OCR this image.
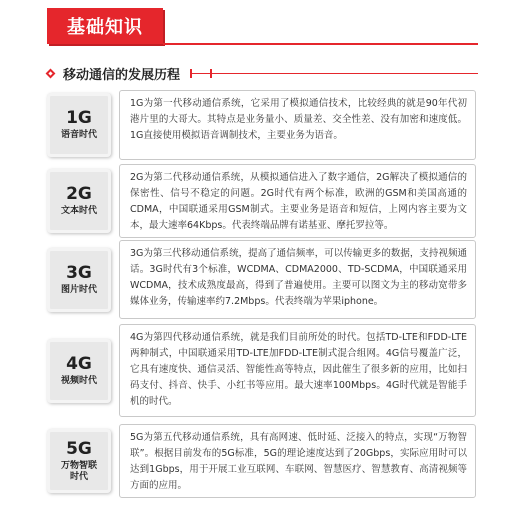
基础知识
移动通信的发展历程
1G为第一代移动通信系统，它采用了模拟通信技术，比较经典的就是90年代初港片里的大哥大。其特点是业务量小、质量差、交全性差、没有加密和速度低。1G直接使用模拟语音调制技术，主要业务为语音。
1G
语音时代
2G为第二代移动通信系统，从模拟通信进入了数字通信，2G解决了模拟通信的保密性、信号不稳定的问题。2G时代有两个标准，欧洲的GSM和美国高通的CDMA，中国联通采用GSM制式。主要业务是语音和短信，上网内容主要为文本，最大速率64Kbps。代表终端品牌有诺基亚、摩托罗拉等。
2G
文本时代
3G为第三代移动通信系统，提高了通信频率，可以传输更多的数据，支持视频通话。3G时代有3个标准，WCDMA、CDMA2000、TD-SCDMA，中国联通采用WCDMA，技术成熟度最高，得到了普遍使用。主要可以图文为主的移动宽带多媒体业务，传输速率约7.2Mbps。代表终端为苹果iphone。
3G
图片时代
4G为第四代移动通信系统，就是我们目前所处的时代。包括TD-LTE和FDD-LTE两种制式，中国联通采用TD-LTE加FDD-LTE制式混合组网。4G信号覆盖广泛，它具有速度快、通信灵活、智能性高等特点，因此催生了很多新的应用，比如扫码支付、抖音、快手、小红书等应用。最大速率100Mbps。4G时代就是智能手机的时代。
4G
视频时代
5G为第五代移动通信系统，具有高网速、低时延、泛接入的特点，实现“万物智联”。根据目前发布的5G标准，5G的理论速度达到了20Gbps，实际应用时可以达到1Gbps，用于开展工业互联网、车联网、智慧医疗、智慧教育、高清视频等方面的应用。
5G
万物智联时代
